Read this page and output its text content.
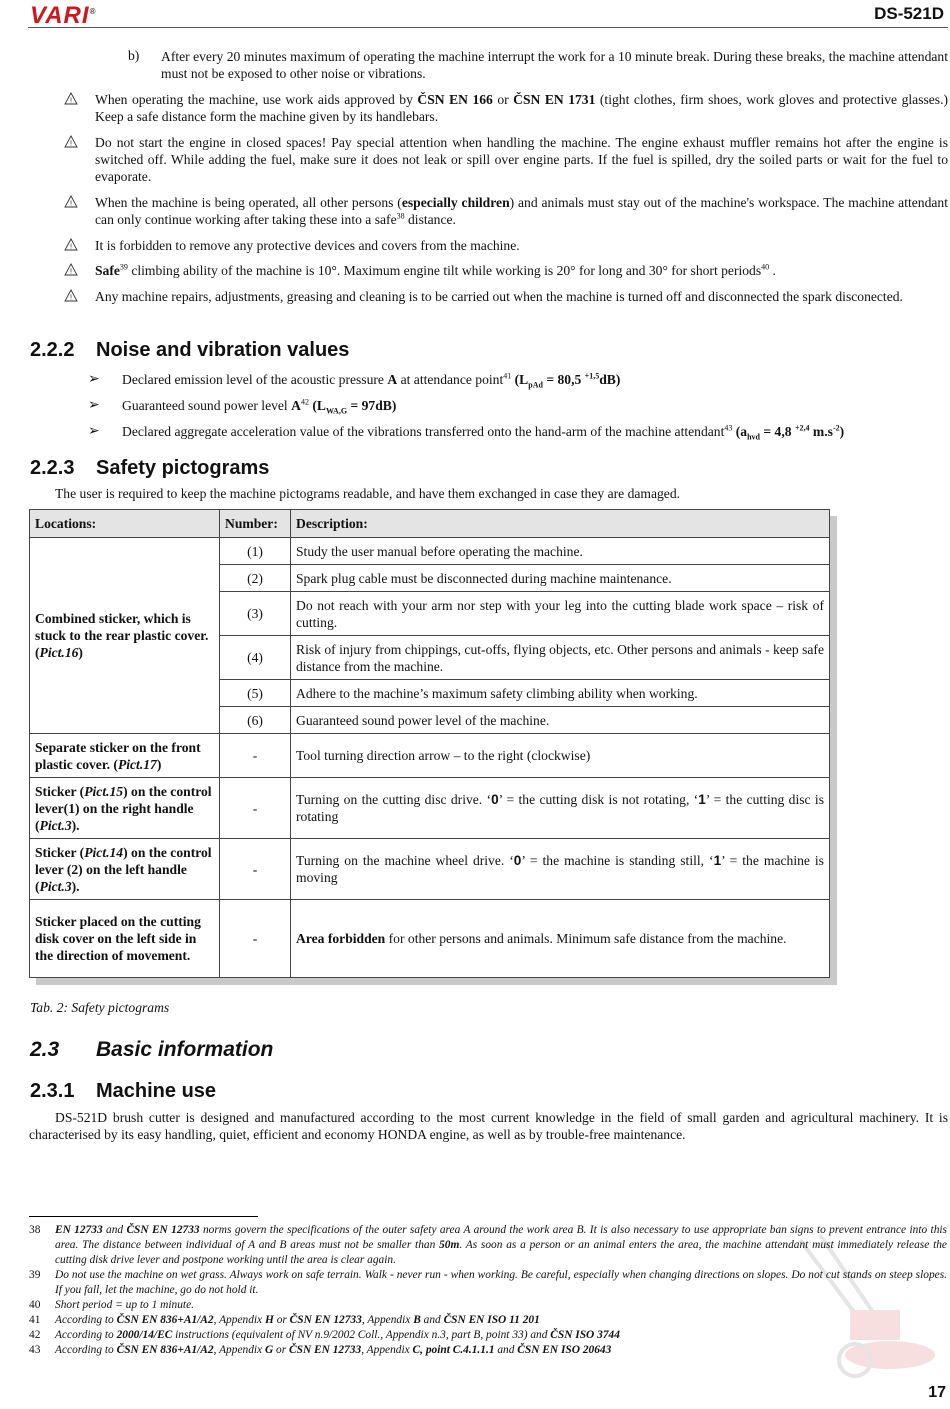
VARI®	DS-521D
b) After every 20 minutes maximum of operating the machine interrupt the work for a 10 minute break. During these breaks, the machine attendant must not be exposed to other noise or vibrations.
! When operating the machine, use work aids approved by ČSN EN 166 or ČSN EN 1731 (tight clothes, firm shoes, work gloves and protective glasses.) Keep a safe distance form the machine given by its handlebars.
! Do not start the engine in closed spaces! Pay special attention when handling the machine. The engine exhaust muffler remains hot after the engine is switched off. While adding the fuel, make sure it does not leak or spill over engine parts. If the fuel is spilled, dry the soiled parts or wait for the fuel to evaporate.
! When the machine is being operated, all other persons (especially children) and animals must stay out of the machine's workspace. The machine attendant can only continue working after taking these into a safe$^{38}$ distance.
! It is forbidden to remove any protective devices and covers from the machine.
! Safe$^{39}$ climbing ability of the machine is 10°. Maximum engine tilt while working is 20° for long and 30° for short periods$^{40}$ .
! Any machine repairs, adjustments, greasing and cleaning is to be carried out when the machine is turned off and disconnected the spark disconected.
2.2.2 Noise and vibration values
➢ Declared emission level of the acoustic pressure A at attendance point$^{41}$ ($L_{pAd} = 80,5$ $^{+1,5}$dB)
➢ Guaranteed sound power level $A^{42}$ $(L_{WA,G} = 97dB)$
➢ Declared aggregate acceleration value of the vibrations transferred onto the hand-arm of the machine attendant$^{43}$ ($a_{hvd} = 4,8$ $^{+2,4}$ $m.s^{-2}$)
2.2.3 Safety pictograms
The user is required to keep the machine pictograms readable, and have them exchanged in case they are damaged.
Locations:	Number:	Description:
Combined sticker, which is stuck to the rear plastic cover. (Pict.16)	(1)	Study the user manual before operating the machine.
	(2)	Spark plug cable must be disconnected during machine maintenance.
	(3)	Do not reach with your arm nor step with your leg into the cutting blade work space – risk of cutting.
	(4)	Risk of injury from chippings, cut-offs, flying objects, etc. Other persons and animals - keep safe distance from the machine.
	(5)	Adhere to the machine’s maximum safety climbing ability when working.
	(6)	Guaranteed sound power level of the machine.
Separate sticker on the front plastic cover. (Pict.17)	-	Tool turning direction arrow – to the right (clockwise)
Sticker (Pict.15) on the control lever(1) on the right handle (Pict.3).	-	Turning on the cutting disc drive. ‘0’ = the cutting disk is not rotating, ‘1’ = the cutting disc is rotating
Sticker (Pict.14) on the control lever (2) on the left handle (Pict.3).	-	Turning on the machine wheel drive. ‘0’ = the machine is standing still, ‘1’ = the machine is moving
Sticker placed on the cutting disk cover on the left side in the direction of movement.	-	Area forbidden for other persons and animals. Minimum safe distance from the machine.
Tab. 2: Safety pictograms
2.3 Basic information
2.3.1 Machine use
DS-521D brush cutter is designed and manufactured according to the most current knowledge in the field of small garden and agricultural machinery. It is characterised by its easy handling, quiet, efficient and economy HONDA engine, as well as by trouble-free maintenance.
38 EN 12733 and ČSN EN 12733 norms govern the specifications of the outer safety area A around the work area B. It is also necessary to use appropriate ban signs to prevent entrance into this area. The distance between individual of A and B areas must not be smaller than 50m. As soon as a person or an animal enters the area, the machine attendant must immediately release the cutting disk drive lever and postpone working until the area is clear again.
39 Do not use the machine on wet grass. Always work on safe terrain. Walk - never run - when working. Be careful, especially when changing directions on slopes. Do not cut stands on steep slopes. If you fall, let the machine, go do not hold it.
40 Short period = up to 1 minute.
41 According to ČSN EN 836+A1/A2, Appendix H or ČSN EN 12733, Appendix B and ČSN EN ISO 11 201
42 According to 2000/14/EC instructions (equivalent of NV n.9/2002 Coll., Appendix n.3, part B, point 33) and ČSN ISO 3744
43 According to ČSN EN 836+A1/A2, Appendix G or ČSN EN 12733, Appendix C, point C.4.1.1.1 and ČSN EN ISO 20643
17
